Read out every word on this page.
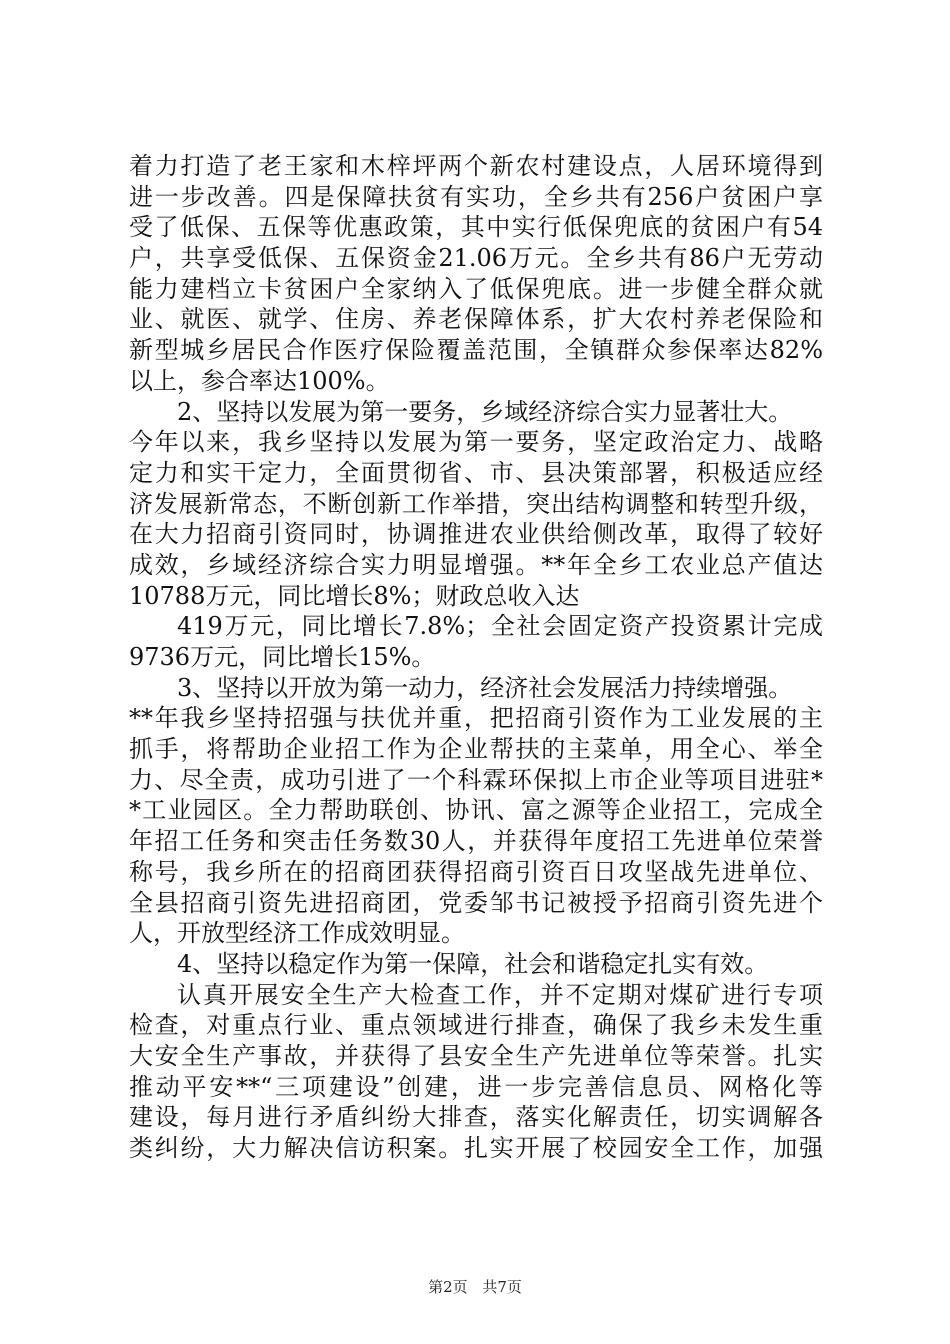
着力打造了老王家和木梓坪两个新农村建设点，人居环境得到
进一步改善。四是保障扶贫有实功，全乡共有256户贫困户享
受了低保、五保等优惠政策，其中实行低保兜底的贫困户有54
户，共享受低保、五保资金21.06万元。全乡共有86户无劳动
能力建档立卡贫困户全家纳入了低保兜底。进一步健全群众就
业、就医、就学、住房、养老保障体系，扩大农村养老保险和
新型城乡居民合作医疗保险覆盖范围，全镇群众参保率达82%
以上，参合率达100%。
2、坚持以发展为第一要务，乡域经济综合实力显著壮大。
今年以来，我乡坚持以发展为第一要务，坚定政治定力、战略
定力和实干定力，全面贯彻省、市、县决策部署，积极适应经
济发展新常态，不断创新工作举措，突出结构调整和转型升级，
在大力招商引资同时，协调推进农业供给侧改革，取得了较好
成效，乡域经济综合实力明显增强。**年全乡工农业总产值达
10788万元，同比增长8%；财政总收入达
419万元，同比增长7.8%；全社会固定资产投资累计完成
9736万元，同比增长15%。
3、坚持以开放为第一动力，经济社会发展活力持续增强。
**年我乡坚持招强与扶优并重，把招商引资作为工业发展的主
抓手，将帮助企业招工作为企业帮扶的主菜单，用全心、举全
力、尽全责，成功引进了一个科霖环保拟上市企业等项目进驻*
*工业园区。全力帮助联创、协讯、富之源等企业招工，完成全
年招工任务和突击任务数30人，并获得年度招工先进单位荣誉
称号，我乡所在的招商团获得招商引资百日攻坚战先进单位、
全县招商引资先进招商团，党委邹书记被授予招商引资先进个
人，开放型经济工作成效明显。
4、坚持以稳定作为第一保障，社会和谐稳定扎实有效。
认真开展安全生产大检查工作，并不定期对煤矿进行专项
检查，对重点行业、重点领域进行排查，确保了我乡未发生重
大安全生产事故，并获得了县安全生产先进单位等荣誉。扎实
推动平安**“三项建设”创建，进一步完善信息员、网格化等
建设，每月进行矛盾纠纷大排查，落实化解责任，切实调解各
类纠纷，大力解决信访积案。扎实开展了校园安全工作，加强
第2页 共7页
